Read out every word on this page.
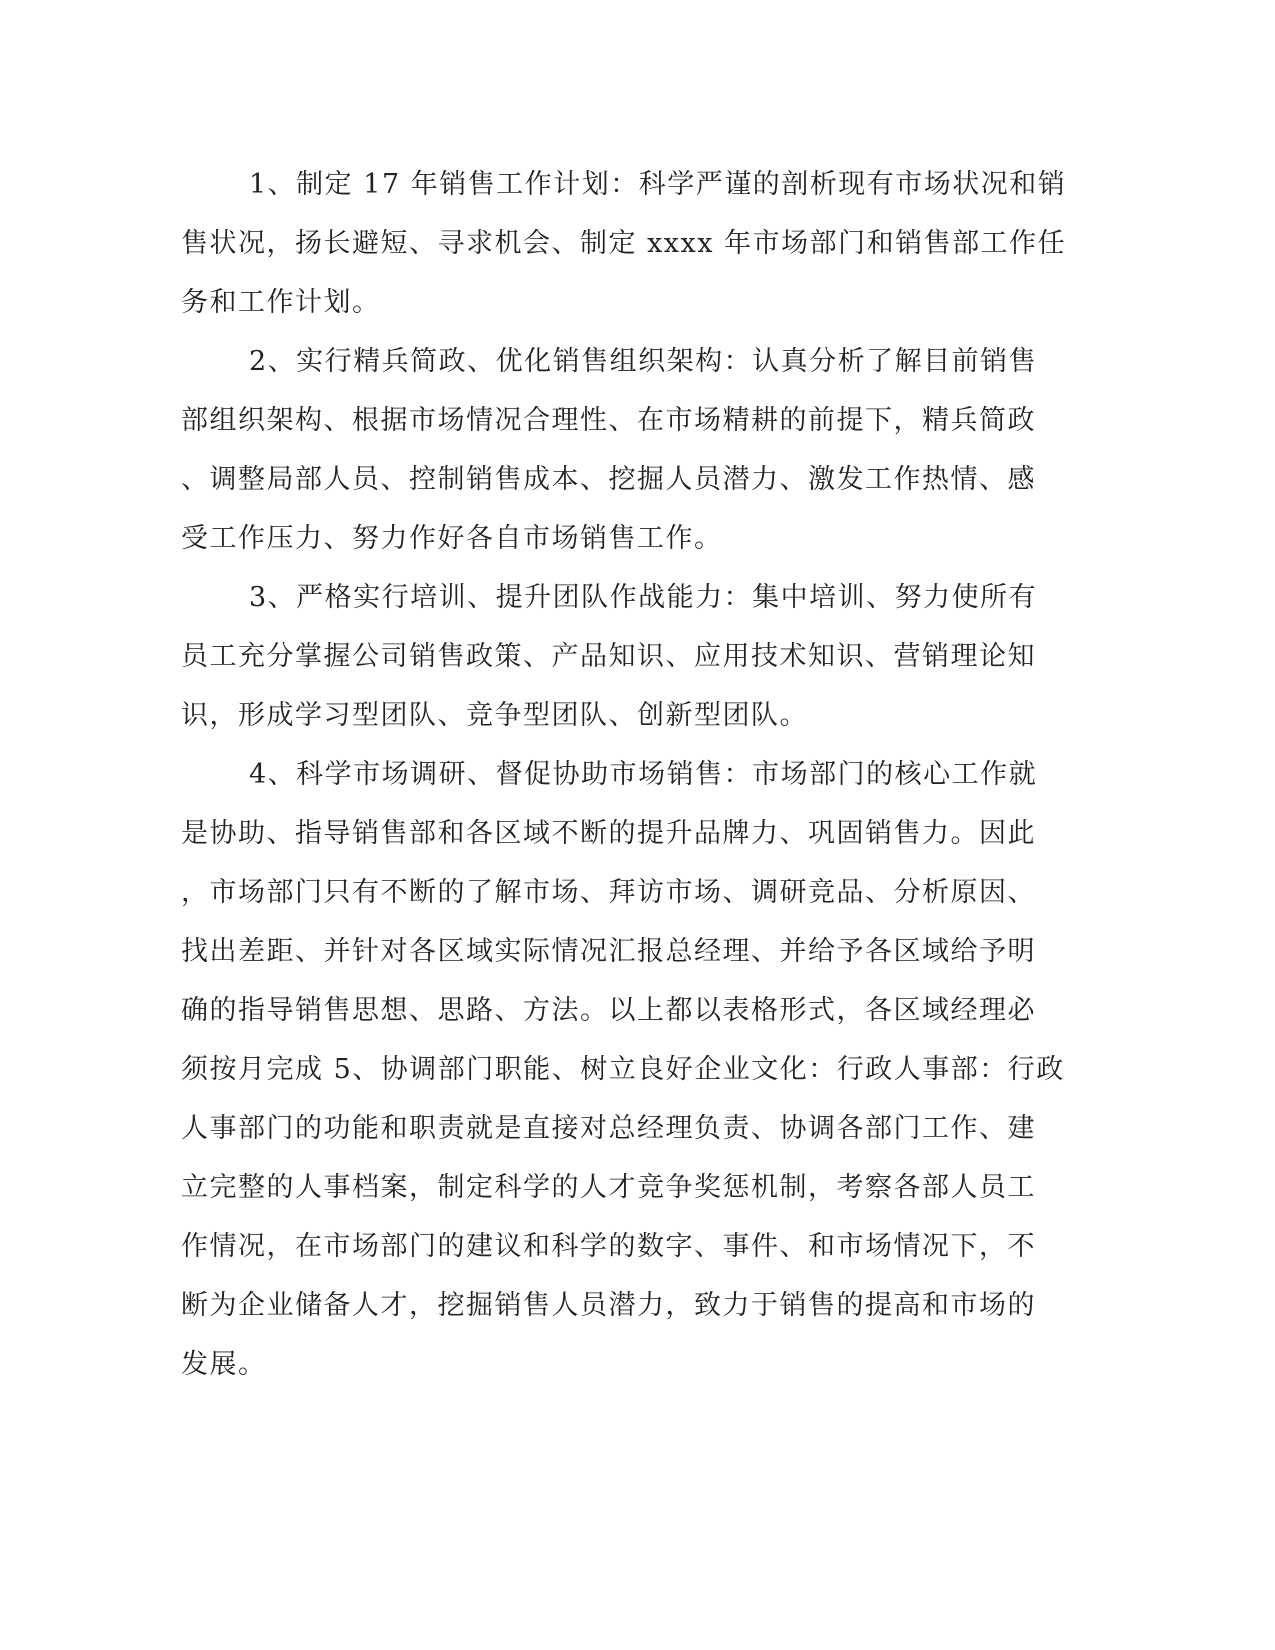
1、制定 17 年销售工作计划：科学严谨的剖析现有市场状况和销
售状况，扬长避短、寻求机会、制定 xxxx 年市场部门和销售部工作任
务和工作计划。

2、实行精兵简政、优化销售组织架构：认真分析了解目前销售
部组织架构、根据市场情况合理性、在市场精耕的前提下，精兵简政
、调整局部人员、控制销售成本、挖掘人员潜力、激发工作热情、感
受工作压力、努力作好各自市场销售工作。

3、严格实行培训、提升团队作战能力：集中培训、努力使所有
员工充分掌握公司销售政策、产品知识、应用技术知识、营销理论知
识，形成学习型团队、竞争型团队、创新型团队。

4、科学市场调研、督促协助市场销售：市场部门的核心工作就
是协助、指导销售部和各区域不断的提升品牌力、巩固销售力。因此
，市场部门只有不断的了解市场、拜访市场、调研竞品、分析原因、
找出差距、并针对各区域实际情况汇报总经理、并给予各区域给予明
确的指导销售思想、思路、方法。以上都以表格形式，各区域经理必
须按月完成 5、协调部门职能、树立良好企业文化：行政人事部：行政
人事部门的功能和职责就是直接对总经理负责、协调各部门工作、建
立完整的人事档案，制定科学的人才竞争奖惩机制，考察各部人员工
作情况，在市场部门的建议和科学的数字、事件、和市场情况下，不
断为企业储备人才，挖掘销售人员潜力，致力于销售的提高和市场的
发展。
